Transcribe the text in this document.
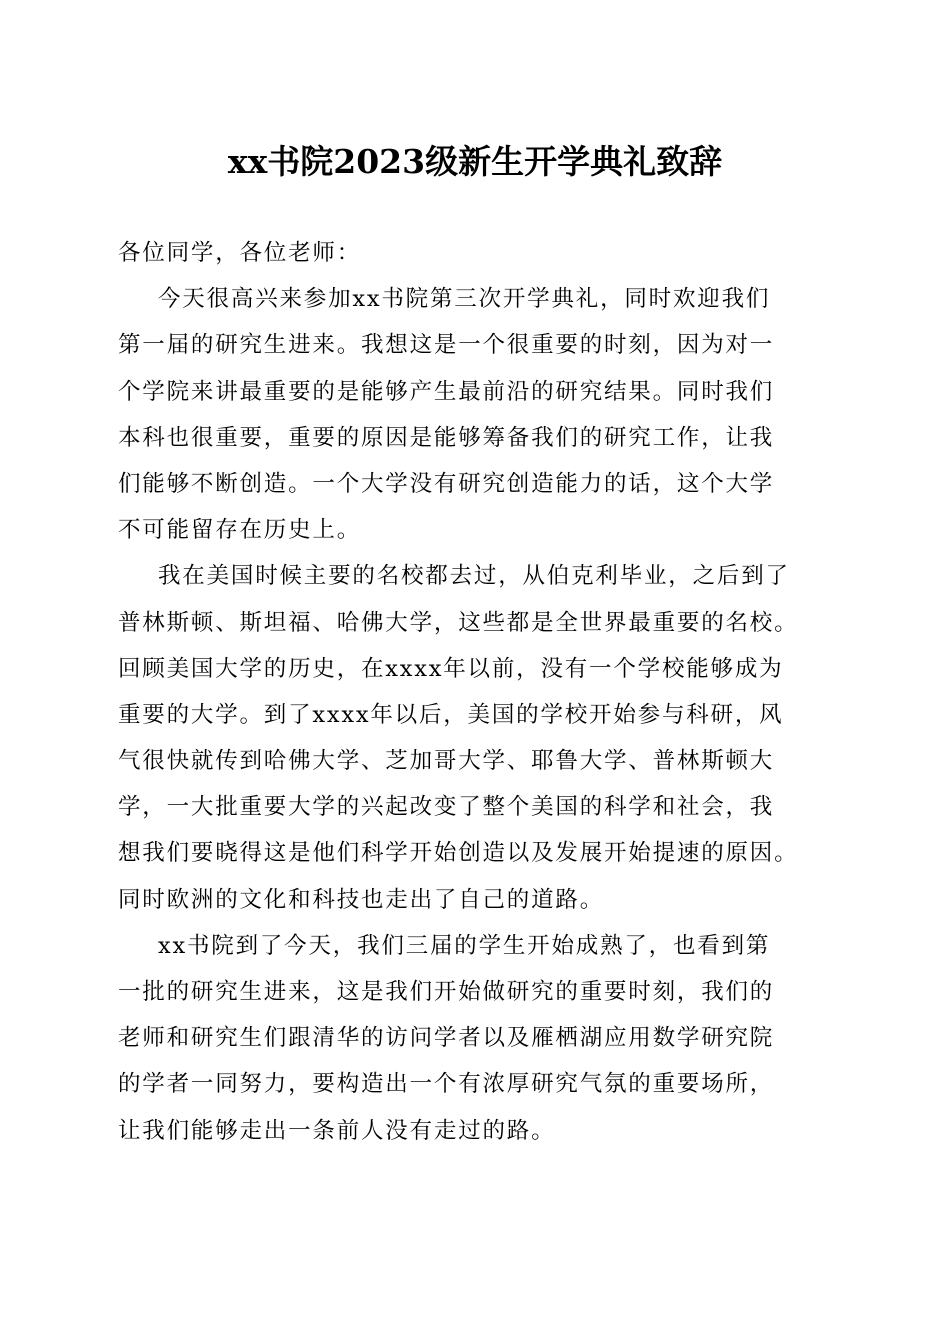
xx书院2023级新生开学典礼致辞
各位同学，各位老师：
今天很高兴来参加xx书院第三次开学典礼，同时欢迎我们
第一届的研究生进来。我想这是一个很重要的时刻，因为对一
个学院来讲最重要的是能够产生最前沿的研究结果。同时我们
本科也很重要，重要的原因是能够筹备我们的研究工作，让我
们能够不断创造。一个大学没有研究创造能力的话，这个大学
不可能留存在历史上。
我在美国时候主要的名校都去过，从伯克利毕业，之后到了
普林斯顿、斯坦福、哈佛大学，这些都是全世界最重要的名校。
回顾美国大学的历史，在xxxx年以前，没有一个学校能够成为
重要的大学。到了xxxx年以后，美国的学校开始参与科研，风
气很快就传到哈佛大学、芝加哥大学、耶鲁大学、普林斯顿大
学，一大批重要大学的兴起改变了整个美国的科学和社会，我
想我们要晓得这是他们科学开始创造以及发展开始提速的原因。
同时欧洲的文化和科技也走出了自己的道路。
xx书院到了今天，我们三届的学生开始成熟了，也看到第
一批的研究生进来，这是我们开始做研究的重要时刻，我们的
老师和研究生们跟清华的访问学者以及雁栖湖应用数学研究院
的学者一同努力，要构造出一个有浓厚研究气氛的重要场所，
让我们能够走出一条前人没有走过的路。
